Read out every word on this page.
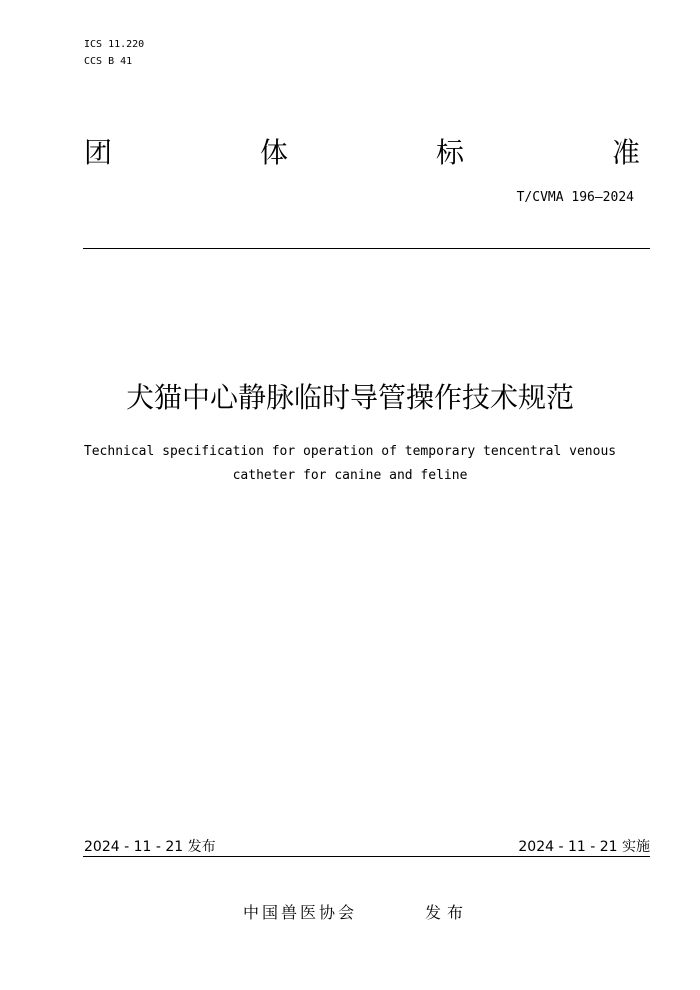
ICS 11.220
CCS B 41
团	体	标	准
T/CVMA 196—2024
犬猫中心静脉临时导管操作技术规范
Technical specification for operation of temporary tencentral venous
catheter for canine and feline
2024 - 11 - 21 发布	2024 - 11 - 21 实施
中国兽医协会	发布
